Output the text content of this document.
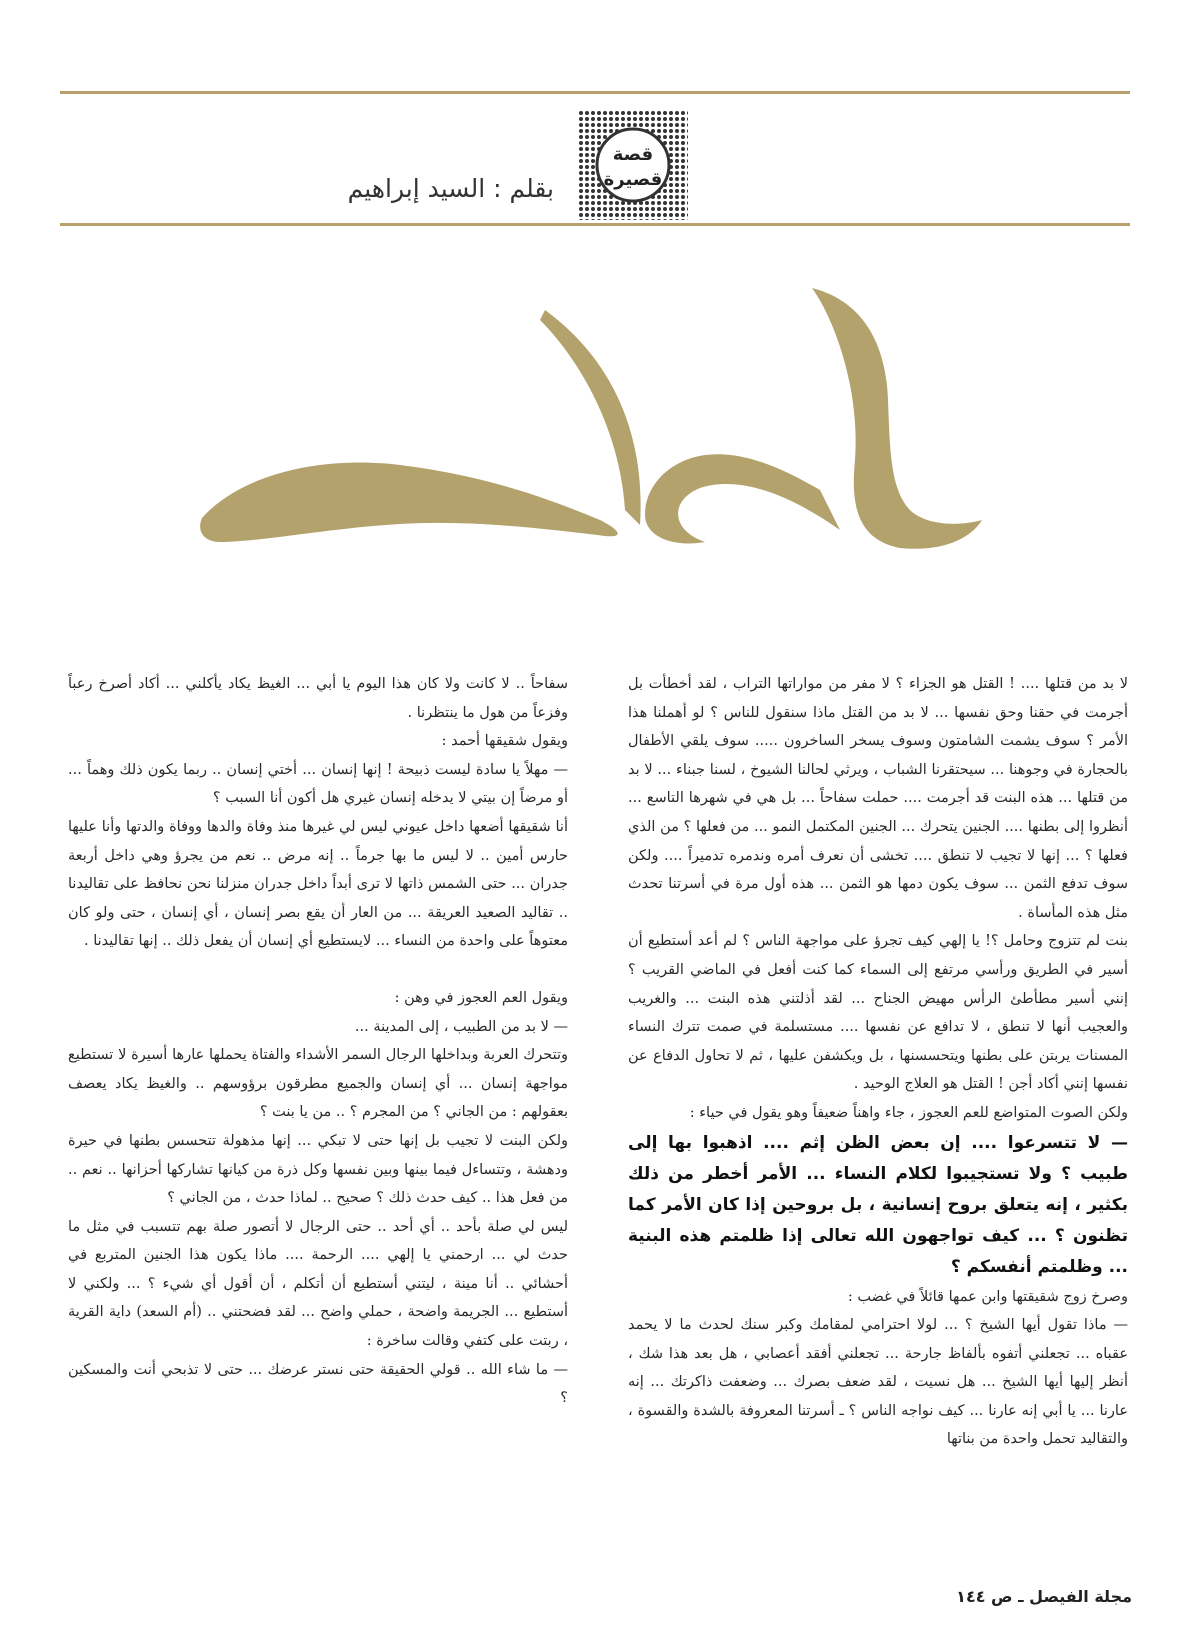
قصة
قصيرة
بقلم : السيد إبراهيم

لا بد من قتلها .... ! القتل هو الجزاء ؟ لا مفر من مواراتها التراب ، لقد أخطأت بل أجرمت في حقنا وحق نفسها ... لا بد من القتل ماذا سنقول للناس ؟ لو أهملنا هذا الأمر ؟ سوف يشمت الشامتون وسوف يسخر الساخرون ..... سوف يلقي الأطفال بالحجارة في وجوهنا ... سيحتقرنا الشباب ، ويرثي لحالنا الشيوخ ، لسنا جبناء ... لا بد من قتلها ... هذه البنت قد أجرمت .... حملت سفاحاً ... بل هي في شهرها التاسع ... أنظروا إلى بطنها .... الجنين يتحرك ... الجنين المكتمل النمو ... من فعلها ؟ من الذي فعلها ؟ ... إنها لا تجيب لا تنطق .... تخشى أن نعرف أمره وندمره تدميراً .... ولكن سوف تدفع الثمن ... سوف يكون دمها هو الثمن ... هذه أول مرة في أسرتنا تحدث مثل هذه المأساة .

بنت لم تتزوج وحامل ؟! يا إلهي كيف تجرؤ على مواجهة الناس ؟ لم أعد أستطيع أن أسير في الطريق ورأسي مرتفع إلى السماء كما كنت أفعل في الماضي القريب ؟ إنني أسير مطأطئ الرأس مهيض الجناح ... لقد أذلتني هذه البنت ... والغريب والعجيب أنها لا تنطق ، لا تدافع عن نفسها .... مستسلمة في صمت تترك النساء المسنات يربتن على بطنها ويتحسسنها ، بل ويكشفن عليها ، ثم لا تحاول الدفاع عن نفسها إنني أكاد أجن ! القتل هو العلاج الوحيد .

ولكن الصوت المتواضع للعم العجوز ، جاء واهناً ضعيفاً وهو يقول في حياء :

— لا تتسرعوا .... إن بعض الظن إثم .... اذهبوا بها إلى طبيب ؟ ولا تستجيبوا لكلام النساء ... الأمر أخطر من ذلك بكثير ، إنه يتعلق بروح إنسانية ، بل بروحين إذا كان الأمر كما تظنون ؟ ... كيف تواجهون الله تعالى إذا ظلمتم هذه البنية ... وظلمتم أنفسكم ؟

وصرخ زوج شقيقتها وابن عمها قائلاً في غضب :

— ماذا تقول أيها الشيخ ؟ ... لولا احترامي لمقامك وكبر سنك لحدث ما لا يحمد عقباه ... تجعلني أتفوه بألفاظ جارحة ... تجعلني أفقد أعصابي ، هل بعد هذا شك ، أنظر إليها أيها الشيخ ... هل نسيت ، لقد ضعف بصرك ... وضعفت ذاكرتك ... إنه عارنا ... يا أبي إنه عارنا ... كيف نواجه الناس ؟ ـ أسرتنا المعروفة بالشدة والقسوة ، والتقاليد تحمل واحدة من بناتها

سفاحاً .. لا كانت ولا كان هذا اليوم يا أبي ... الغيظ يكاد يأكلني ... أكاد أصرخ رعباً وفزعاً من هول ما ينتظرنا .

ويقول شقيقها أحمد :

— مهلاً يا سادة ليست ذبيحة ! إنها إنسان ... أختي إنسان .. ربما يكون ذلك وهماً ... أو مرضاً إن بيتي لا يدخله إنسان غيري هل أكون أنا السبب ؟

أنا شقيقها أضعها داخل عيوني ليس لي غيرها منذ وفاة والدها ووفاة والدتها وأنا عليها حارس أمين .. لا ليس ما بها جرماً .. إنه مرض .. نعم من يجرؤ وهي داخل أربعة جدران ... حتى الشمس ذاتها لا ترى أبداً داخل جدران منزلنا نحن نحافظ على تقاليدنا .. تقاليد الصعيد العريقة ... من العار أن يقع بصر إنسان ، أي إنسان ، حتى ولو كان معتوهاً على واحدة من النساء ... لايستطيع أي إنسان أن يفعل ذلك .. إنها تقاليدنا .

ويقول العم العجوز في وهن :

— لا بد من الطبيب ، إلى المدينة ...

وتتحرك العربة وبداخلها الرجال السمر الأشداء والفتاة يحملها عارها أسيرة لا تستطيع مواجهة إنسان ... أي إنسان والجميع مطرقون برؤوسهم .. والغيظ يكاد يعصف بعقولهم : من الجاني ؟ من المجرم ؟ .. من يا بنت ؟

ولكن البنت لا تجيب بل إنها حتى لا تبكي ... إنها مذهولة تتحسس بطنها في حيرة ودهشة ، وتتساءل فيما بينها وبين نفسها وكل ذرة من كيانها تشاركها أحزانها .. نعم .. من فعل هذا .. كيف حدث ذلك ؟ صحيح .. لماذا حدث ، من الجاني ؟

ليس لي صلة بأحد .. أي أحد .. حتى الرجال لا أتصور صلة بهم تتسبب في مثل ما حدث لي ... ارحمني يا إلهي .... الرحمة .... ماذا يكون هذا الجنين المتربع في أحشائي .. أنا مينة ، ليتني أستطيع أن أتكلم ، أن أقول أي شيء ؟ ... ولكني لا أستطيع ... الجريمة واضحة ، حملي واضح ... لقد فضحتني .. (أم السعد) داية القرية ، ربتت على كتفي وقالت ساخرة :

— ما شاء الله .. قولي الحقيقة حتى نستر عرضك ... حتى لا تذبحي أنت والمسكين ؟

مجلة الفيصل ـ ص ١٤٤
